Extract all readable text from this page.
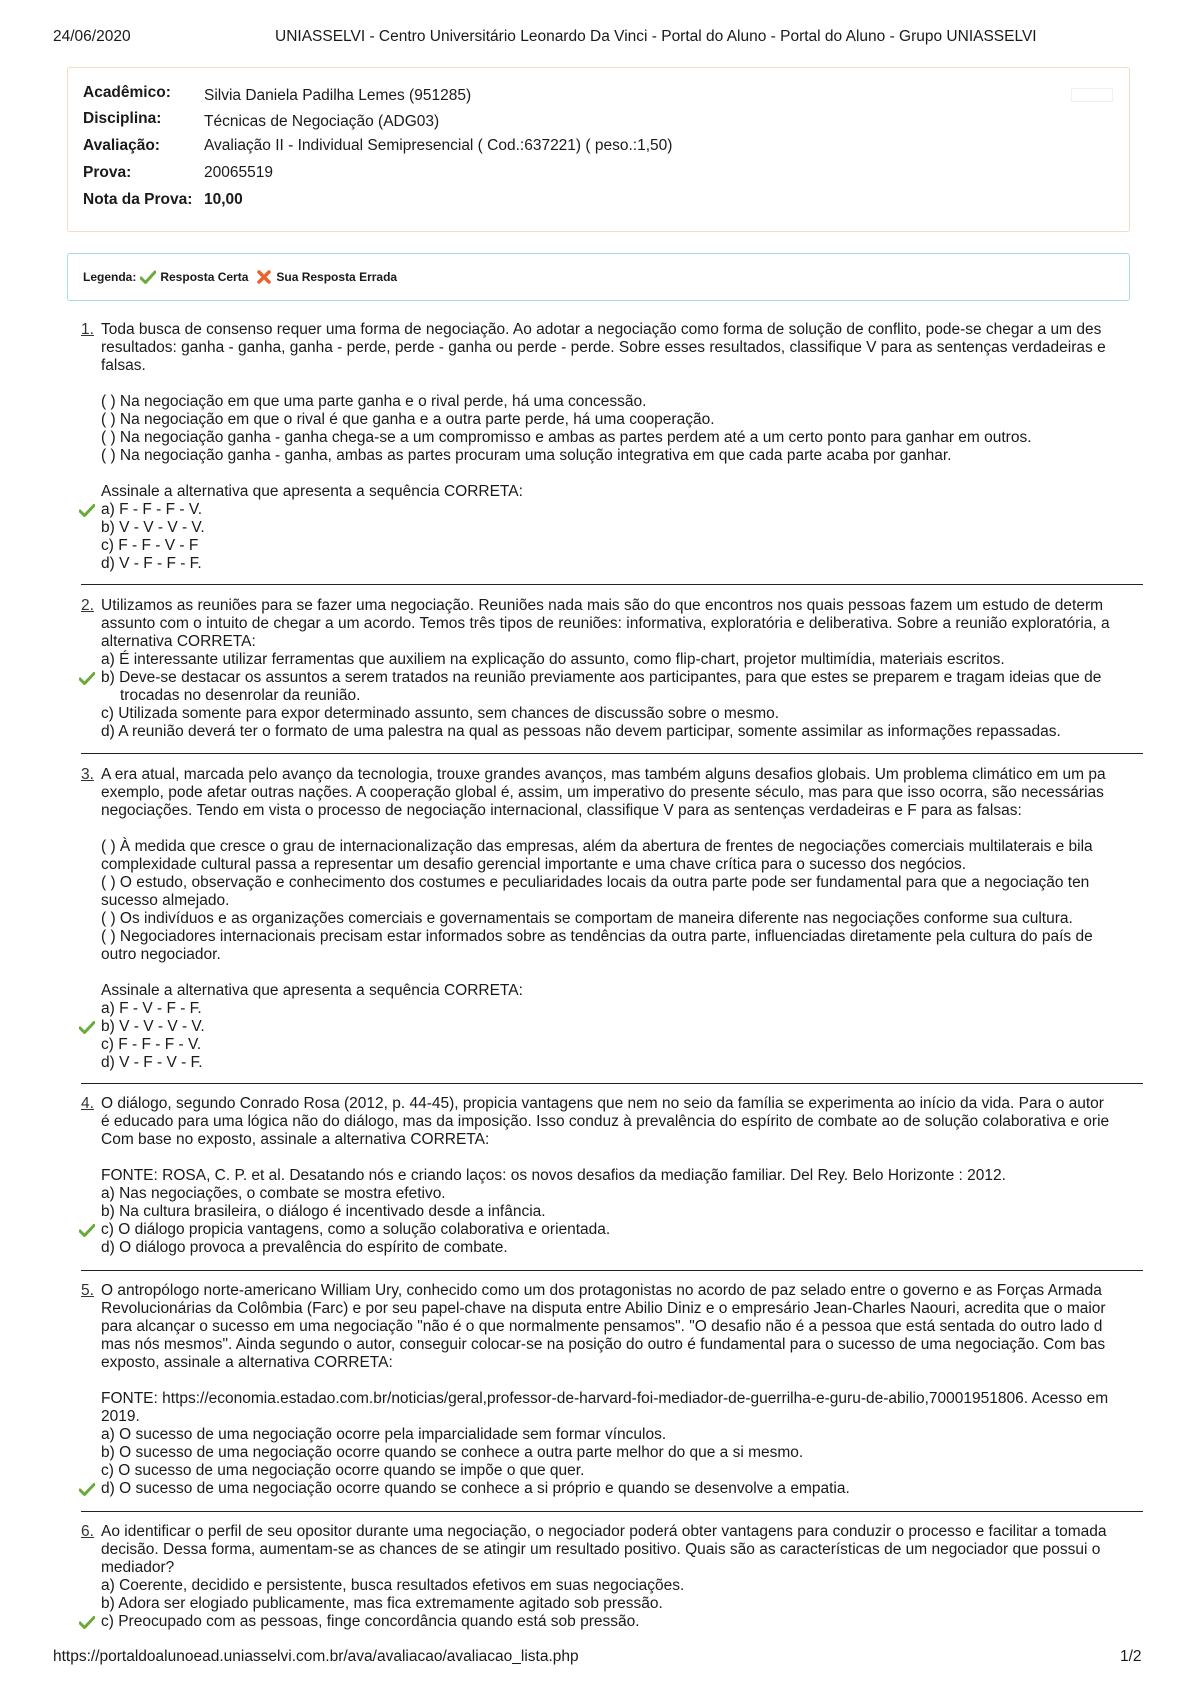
24/06/2020	UNIASSELVI - Centro Universitário Leonardo Da Vinci - Portal do Aluno - Portal do Aluno - Grupo UNIASSELVI
Acadêmico: Silvia Daniela Padilha Lemes (951285)
Disciplina:	Técnicas de Negociação (ADG03)
Avaliação:	Avaliação II - Individual Semipresencial ( Cod.:637221) ( peso.:1,50)
Prova:	20065519
Nota da Prova: 10,00
Legenda: Resposta Certa Sua Resposta Errada
1. Toda busca de consenso requer uma forma de negociação. Ao adotar a negociação como forma de solução de conflito, pode-se chegar a um des
resultados: ganha - ganha, ganha - perde, perde - ganha ou perde - perde. Sobre esses resultados, classifique V para as sentenças verdadeiras e
falsas.
( ) Na negociação em que uma parte ganha e o rival perde, há uma concessão.
( ) Na negociação em que o rival é que ganha e a outra parte perde, há uma cooperação.
( ) Na negociação ganha - ganha chega-se a um compromisso e ambas as partes perdem até a um certo ponto para ganhar em outros.
( ) Na negociação ganha - ganha, ambas as partes procuram uma solução integrativa em que cada parte acaba por ganhar.
Assinale a alternativa que apresenta a sequência CORRETA:
a) F - F - F - V.
b) V - V - V - V.
c) F - F - V - F
d) V - F - F - F.
2. Utilizamos as reuniões para se fazer uma negociação. Reuniões nada mais são do que encontros nos quais pessoas fazem um estudo de determ
assunto com o intuito de chegar a um acordo. Temos três tipos de reuniões: informativa, exploratória e deliberativa. Sobre a reunião exploratória, a
alternativa CORRETA:
a) É interessante utilizar ferramentas que auxiliem na explicação do assunto, como flip-chart, projetor multimídia, materiais escritos.
b) Deve-se destacar os assuntos a serem tratados na reunião previamente aos participantes, para que estes se preparem e tragam ideias que de
trocadas no desenrolar da reunião.
c) Utilizada somente para expor determinado assunto, sem chances de discussão sobre o mesmo.
d) A reunião deverá ter o formato de uma palestra na qual as pessoas não devem participar, somente assimilar as informações repassadas.
3. A era atual, marcada pelo avanço da tecnologia, trouxe grandes avanços, mas também alguns desafios globais. Um problema climático em um pa
exemplo, pode afetar outras nações. A cooperação global é, assim, um imperativo do presente século, mas para que isso ocorra, são necessárias
negociações. Tendo em vista o processo de negociação internacional, classifique V para as sentenças verdadeiras e F para as falsas:
( ) À medida que cresce o grau de internacionalização das empresas, além da abertura de frentes de negociações comerciais multilaterais e bila
complexidade cultural passa a representar um desafio gerencial importante e uma chave crítica para o sucesso dos negócios.
( ) O estudo, observação e conhecimento dos costumes e peculiaridades locais da outra parte pode ser fundamental para que a negociação ten
sucesso almejado.
( ) Os indivíduos e as organizações comerciais e governamentais se comportam de maneira diferente nas negociações conforme sua cultura.
( ) Negociadores internacionais precisam estar informados sobre as tendências da outra parte, influenciadas diretamente pela cultura do país de
outro negociador.
Assinale a alternativa que apresenta a sequência CORRETA:
a) F - V - F - F.
b) V - V - V - V.
c) F - F - F - V.
d) V - F - V - F.
4. O diálogo, segundo Conrado Rosa (2012, p. 44-45), propicia vantagens que nem no seio da família se experimenta ao início da vida. Para o autor
é educado para uma lógica não do diálogo, mas da imposição. Isso conduz à prevalência do espírito de combate ao de solução colaborativa e orie
Com base no exposto, assinale a alternativa CORRETA:
FONTE: ROSA, C. P. et al. Desatando nós e criando laços: os novos desafios da mediação familiar. Del Rey. Belo Horizonte : 2012.
a) Nas negociações, o combate se mostra efetivo.
b) Na cultura brasileira, o diálogo é incentivado desde a infância.
c) O diálogo propicia vantagens, como a solução colaborativa e orientada.
d) O diálogo provoca a prevalência do espírito de combate.
5. O antropólogo norte-americano William Ury, conhecido como um dos protagonistas no acordo de paz selado entre o governo e as Forças Armada
Revolucionárias da Colômbia (Farc) e por seu papel-chave na disputa entre Abilio Diniz e o empresário Jean-Charles Naouri, acredita que o maior
para alcançar o sucesso em uma negociação "não é o que normalmente pensamos". "O desafio não é a pessoa que está sentada do outro lado d
mas nós mesmos". Ainda segundo o autor, conseguir colocar-se na posição do outro é fundamental para o sucesso de uma negociação. Com bas
exposto, assinale a alternativa CORRETA:
FONTE: https://economia.estadao.com.br/noticias/geral,professor-de-harvard-foi-mediador-de-guerrilha-e-guru-de-abilio,70001951806. Acesso em
2019.
a) O sucesso de uma negociação ocorre pela imparcialidade sem formar vínculos.
b) O sucesso de uma negociação ocorre quando se conhece a outra parte melhor do que a si mesmo.
c) O sucesso de uma negociação ocorre quando se impõe o que quer.
d) O sucesso de uma negociação ocorre quando se conhece a si próprio e quando se desenvolve a empatia.
6. Ao identificar o perfil de seu opositor durante uma negociação, o negociador poderá obter vantagens para conduzir o processo e facilitar a tomada
decisão. Dessa forma, aumentam-se as chances de se atingir um resultado positivo. Quais são as características de um negociador que possui o
mediador?
a) Coerente, decidido e persistente, busca resultados efetivos em suas negociações.
b) Adora ser elogiado publicamente, mas fica extremamente agitado sob pressão.
c) Preocupado com as pessoas, finge concordância quando está sob pressão.
https://portaldoalunoead.uniasselvi.com.br/ava/avaliacao/avaliacao_lista.php	1/2
